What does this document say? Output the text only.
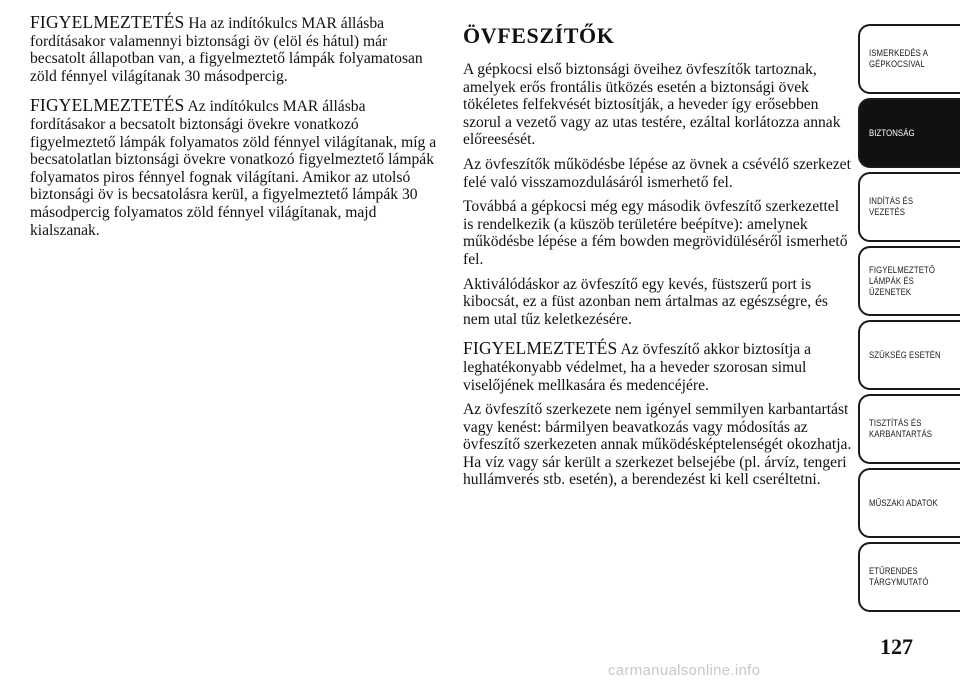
FIGYELMEZTETÉS Ha az indítókulcs MAR állásba fordításakor valamennyi biztonsági öv (elöl és hátul) már becsatolt állapotban van, a figyelmeztető lámpák folyamatosan zöld fénnyel világítanak 30 másodpercig.

FIGYELMEZTETÉS Az indítókulcs MAR állásba fordításakor a becsatolt biztonsági övekre vonatkozó figyelmeztető lámpák folyamatos zöld fénnyel világítanak, míg a becsatolatlan biztonsági övekre vonatkozó figyelmeztető lámpák folyamatos piros fénnyel fognak világítani. Amikor az utolsó biztonsági öv is becsatolásra kerül, a figyelmeztető lámpák 30 másodpercig folyamatos zöld fénnyel világítanak, majd kialszanak.

ÖVFESZÍTŐK

A gépkocsi első biztonsági öveihez övfeszítők tartoznak, amelyek erős frontális ütközés esetén a biztonsági övek tökéletes felfekvését biztosítják, a heveder így erősebben szorul a vezető vagy az utas testére, ezáltal korlátozza annak előreesését.

Az övfeszítők működésbe lépése az övnek a csévélő szerkezet felé való visszamozdulásáról ismerhető fel.

Továbbá a gépkocsi még egy második övfeszítő szerkezettel is rendelkezik (a küszöb területére beépítve): amelynek működésbe lépése a fém bowden megrövidüléséről ismerhető fel.

Aktiválódáskor az övfeszítő egy kevés, füstszerű port is kibocsát, ez a füst azonban nem ártalmas az egészségre, és nem utal tűz keletkezésére.

FIGYELMEZTETÉS Az övfeszítő akkor biztosítja a leghatékonyabb védelmet, ha a heveder szorosan simul viselőjének mellkasára és medencéjére.

Az övfeszítő szerkezete nem igényel semmilyen karbantartást vagy kenést: bármilyen beavatkozás vagy módosítás az övfeszítő szerkezeten annak működésképtelenségét okozhatja. Ha víz vagy sár került a szerkezet belsejébe (pl. árvíz, tengeri hullámverés stb. esetén), a berendezést ki kell cseréltetni.

ISMERKEDÉS A
GÉPKOCSIVAL
BIZTONSÁG
INDÍTÁS ÉS
VEZETÉS
FIGYELMEZTETŐ
LÁMPÁK ÉS
ÜZENETEK
SZÜKSÉG ESETÉN
TISZTÍTÁS ÉS
KARBANTARTÁS
MŰSZAKI ADATOK
ETŰRENDES
TÁRGYMUTATÓ
127
carmanualsonline.info
